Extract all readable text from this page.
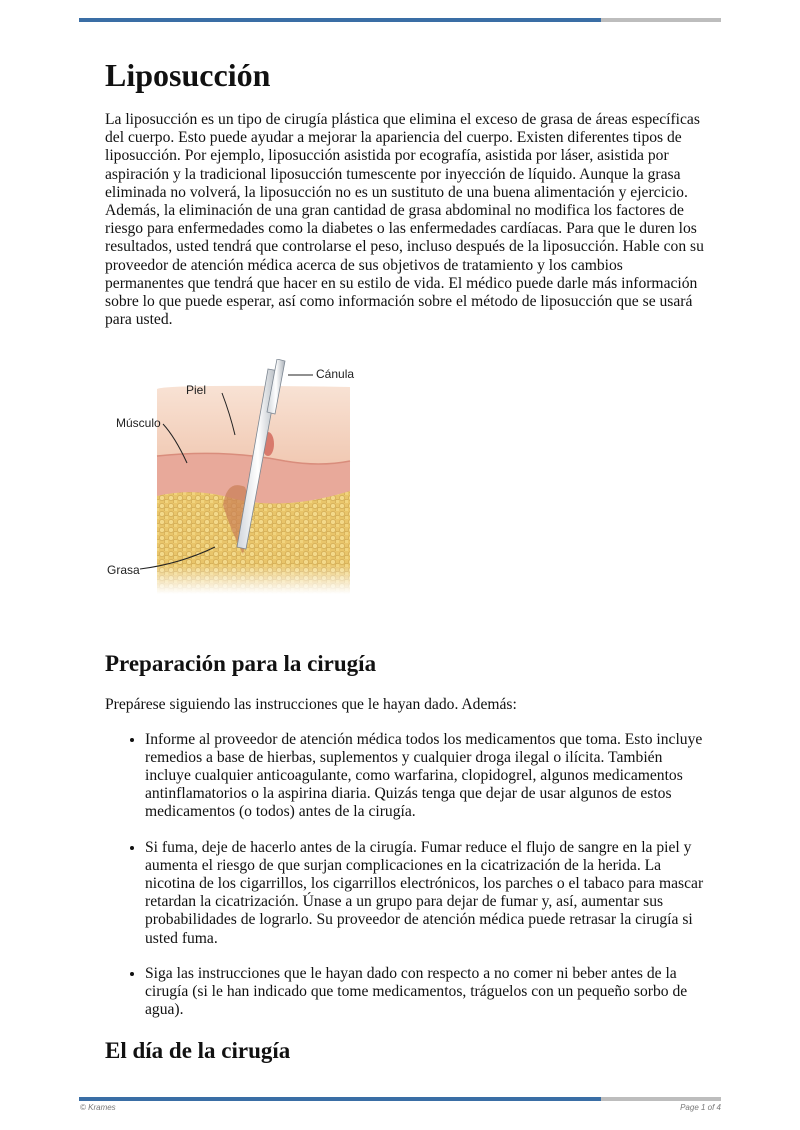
Liposucción

La liposucción es un tipo de cirugía plástica que elimina el exceso de grasa de áreas específicas del cuerpo. Esto puede ayudar a mejorar la apariencia del cuerpo. Existen diferentes tipos de liposucción. Por ejemplo, liposucción asistida por ecografía, asistida por láser, asistida por aspiración y la tradicional liposucción tumescente por inyección de líquido. Aunque la grasa eliminada no volverá, la liposucción no es un sustituto de una buena alimentación y ejercicio. Además, la eliminación de una gran cantidad de grasa abdominal no modifica los factores de riesgo para enfermedades como la diabetes o las enfermedades cardíacas. Para que le duren los resultados, usted tendrá que controlarse el peso, incluso después de la liposucción. Hable con su proveedor de atención médica acerca de sus objetivos de tratamiento y los cambios permanentes que tendrá que hacer en su estilo de vida. El médico puede darle más información sobre lo que puede esperar, así como información sobre el método de liposucción que se usará para usted.

Cánula
Piel
Músculo
Grasa
Preparación para la cirugía

Prepárese siguiendo las instrucciones que le hayan dado. Además:

• Informe al proveedor de atención médica todos los medicamentos que toma. Esto incluye remedios a base de hierbas, suplementos y cualquier droga ilegal o ilícita. También incluye cualquier anticoagulante, como warfarina, clopidogrel, algunos medicamentos antinflamatorios o la aspirina diaria. Quizás tenga que dejar de usar algunos de estos medicamentos (o todos) antes de la cirugía.
• Si fuma, deje de hacerlo antes de la cirugía. Fumar reduce el flujo de sangre en la piel y aumenta el riesgo de que surjan complicaciones en la cicatrización de la herida. La nicotina de los cigarrillos, los cigarrillos electrónicos, los parches o el tabaco para mascar retardan la cicatrización. Únase a un grupo para dejar de fumar y, así, aumentar sus probabilidades de lograrlo. Su proveedor de atención médica puede retrasar la cirugía si usted fuma.
• Siga las instrucciones que le hayan dado con respecto a no comer ni beber antes de la cirugía (si le han indicado que tome medicamentos, tráguelos con un pequeño sorbo de agua).
El día de la cirugía
© Krames	Page 1 of 4
